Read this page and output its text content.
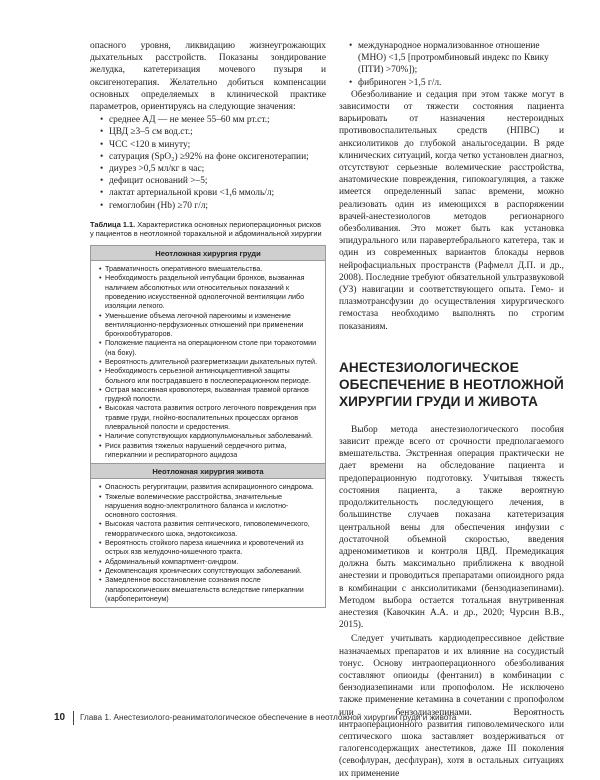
опасного уровня, ликвидацию жизнеугрожающих дыхательных расстройств. Показаны зондирование желудка, катетеризация мочевого пузыря и оксигенотерапия. Желательно добиться компенсации основных определяемых в клинической практике параметров, ориентируясь на следующие значения:

• среднее АД — не менее 55–60 мм рт.ст.;
• ЦВД ≥3–5 см вод.ст.;
• ЧСС <120 в минуту;
• сатурация (SpO₂) ≥92% на фоне оксигенотерапии;
• диурез >0,5 мл/кг в час;
• дефицит оснований >–5;
• лактат артериальной крови <1,6 ммоль/л;
• гемоглобин (Hb) ≥70 г/л;
Таблица 1.1. Характеристика основных периоперационных рисков у пациентов в неотложной торакальной и абдоминальной хирургии
Неотложная хирургия груди
• Травматичность оперативного вмешательства.
• Необходимость раздельной интубации бронхов, вызванная наличием абсолютных или относительных показаний к проведению искусственной однолегочной вентиляции либо изоляции легкого.
• Уменьшение объема легочной паренхимы и изменение вентиляционно-перфузионных отношений при применении бронхообтураторов.
• Положение пациента на операционном столе при торакотомии (на боку).
• Вероятность длительной разгерметизации дыхательных путей.
• Необходимость серьезной антиноцицептивной защиты больного или пострадавшего в послеоперационном периоде.
• Острая массивная кровопотеря, вызванная травмой органов грудной полости.
• Высокая частота развития острого легочного повреждения при травме груди, гнойно-воспалительных процессах органов плевральной полости и средостения.
• Наличие сопутствующих кардиопульмональных заболеваний.
• Риск развития тяжелых нарушений сердечного ритма, гиперкапнии и респираторного ацидоза
Неотложная хирургия живота
• Опасность регургитации, развития аспирационного синдрома.
• Тяжелые волемические расстройства, значительные нарушения водно-электролитного баланса и кислотно-основного состояния.
• Высокая частота развития септического, гиповолемического, геморрагического шока, эндотоксикоза.
• Вероятность стойкого пареза кишечника и кровотечений из острых язв желудочно-кишечного тракта.
• Абдоминальный компартмент-синдром.
• Декомпенсация хронических сопутствующих заболеваний.
• Замедленное восстановление сознания после лапароскопических вмешательств вследствие гиперкапнии (карбоперитонеум)
• международное нормализованное отношение (МНО) <1,5 [протромбиновый индекс по Квику (ПТИ) >70%]);
• фибриноген >1,5 г/л.

Обезболивание и седация при этом также могут в зависимости от тяжести состояния пациента варьировать от назначения нестероидных противовоспалительных средств (НПВС) и анксиолитиков до глубокой анальгоседации. В ряде клинических ситуаций, когда четко установлен диагноз, отсутствуют серьезные волемические расстройства, анатомические повреждения, гипокоагуляция, а также имеется определенный запас времени, можно реализовать один из имеющихся в распоряжении врачей-анестезиологов методов регионарного обезболивания. Это может быть как установка эпидурального или паравертебрального катетера, так и один из современных вариантов блокады нервов нейрофасциальных пространств (Рафмелл Д.П. и др., 2008). Последние требуют обязательной ультразвуковой (УЗ) навигации и соответствующего опыта. Гемо- и плазмотрансфузии до осуществления хирургического гемостаза необходимо выполнять по строгим показаниям.

АНЕСТЕЗИОЛОГИЧЕСКОЕ ОБЕСПЕЧЕНИЕ В НЕОТЛОЖНОЙ ХИРУРГИИ ГРУДИ И ЖИВОТА

Выбор метода анестезиологического пособия зависит прежде всего от срочности предполагаемого вмешательства. Экстренная операция практически не дает времени на обследование пациента и предоперационную подготовку. Учитывая тяжесть состояния пациента, а также вероятную продолжительность последующего лечения, в большинстве случаев показана катетеризация центральной вены для обеспечения инфузии с достаточной объемной скоростью, введения адреномиметиков и контроля ЦВД. Премедикация должна быть максимально приближена к вводной анестезии и проводиться препаратами опиоидного ряда в комбинации с анксиолитиками (бензодиазепинами). Методом выбора остается тотальная внутривенная анестезия (Кавочкин А.А. и др., 2020; Чурсин В.В., 2015).

Следует учитывать кардиодепрессивное действие назначаемых препаратов и их влияние на сосудистый тонус. Основу интраоперационного обезболивания составляют опиоиды (фентанил) в комбинации с бензодиазепинами или пропофолом. Не исключено также применение кетамина в сочетании с пропофолом или бензодиазепинами. Вероятность интраоперационного развития гиповолемического или септического шока заставляет воздерживаться от галогенсодержащих анестетиков, даже III поколения (севофлуран, десфлуран), хотя в остальных ситуациях их применение

10 Глава 1. Анестезиолого-реаниматологическое обеспечение в неотложной хирургии груди и живота
